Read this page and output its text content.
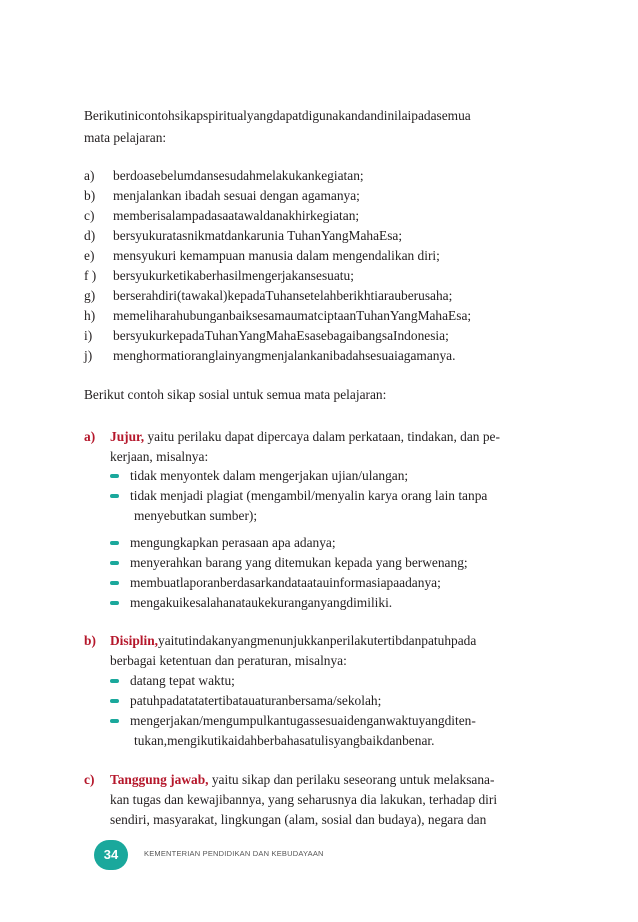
Berikutinicontohsikapspiritualyangdapatdigunakandandinilaipadasemua
mata pelajaran:
a) berdoasebelumdansesudahmelakukankegiatan;
b) menjalankan ibadah sesuai dengan agamanya;
c) memberisalampadasaatawaldanakhirkegiatan;
d) bersyukuratasnikmatdankarunia TuhanYangMahaEsa;
e) mensyukuri kemampuan manusia dalam mengendalikan diri;
f ) bersyukurketikaberhasilmengerjakansesuatu;
g) berserahdiri(tawakal)kepadaTuhansetelahberikhtiarauberusaha;
h) memeliharahubunganbaiksesamaumatciptaanTuhanYangMahaEsa;
i) bersyukurkepadaTuhanYangMahaEsasebagaibangsaIndonesia;
j) menghormatioranglainyangmenjalankanibadahsesuaiagamanya.
Berikut contoh sikap sosial untuk semua mata pelajaran:
a) Jujur, yaitu perilaku dapat dipercaya dalam perkataan, tindakan, dan pe-
kerjaan, misalnya:
tidak menyontek dalam mengerjakan ujian/ulangan;
tidak menjadi plagiat (mengambil/menyalin karya orang lain tanpa
menyebutkan sumber);
mengungkapkan perasaan apa adanya;
menyerahkan barang yang ditemukan kepada yang berwenang;
membuatlaporanberdasarkandataatauinformasiapaadanya;
mengakuikesalahanataukekuranganyangdimiliki.
b) Disiplin,yaitutindakanyangmenunjukkanperilakutertibdanpatuhpada
berbagai ketentuan dan peraturan, misalnya:
datang tepat waktu;
patuhpadatatatertibatauaturanbersama/sekolah;
mengerjakan/mengumpulkantugassesuaidenganwaktuyangditen-
tukan,mengikutikaidahberbahasatulisyangbaikdanbenar.
c) Tanggung jawab, yaitu sikap dan perilaku seseorang untuk melaksana-
kan tugas dan kewajibannya, yang seharusnya dia lakukan, terhadap diri
sendiri, masyarakat, lingkungan (alam, sosial dan budaya), negara dan
34	KEMENTERIAN PENDIDIKAN DAN KEBUDAYAAN
